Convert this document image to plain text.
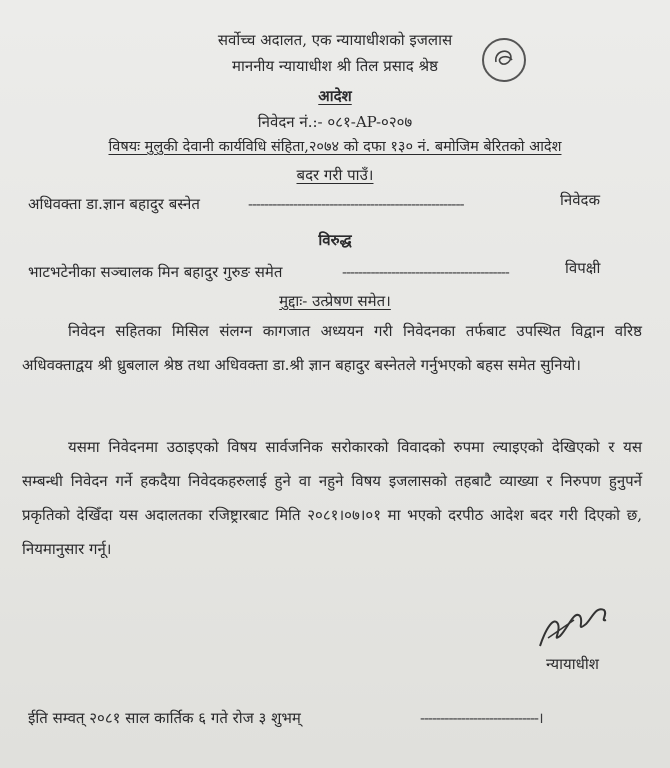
सर्वोच्च अदालत, एक न्यायाधीशको इजलास
माननीय न्यायाधीश श्री तिल प्रसाद श्रेष्ठ
आदेश
निवेदन नं.:- ०८१-AP-०२०७
विषयः मुलुकी देवानी कार्यविधि संहिता,२०७४ को दफा १३० नं. बमोजिम बेरितको आदेश
बदर गरी पाउँ।
अधिवक्ता डा.ज्ञान बहादुर बस्नेत	-----------------------------------------------------	निवेदक
विरुद्ध
भाटभटेनीका सञ्चालक मिन बहादुर गुरुङ समेत	-----------------------------------------	विपक्षी
मुद्दाः- उत्प्रेषण समेत।
निवेदन सहितका मिसिल संलग्न कागजात अध्ययन गरी निवेदनका तर्फबाट उपस्थित विद्वान वरिष्ठ अधिवक्ताद्वय श्री ध्रुबलाल श्रेष्ठ तथा अधिवक्ता डा.श्री ज्ञान बहादुर बस्नेतले गर्नुभएको बहस समेत सुनियो।
यसमा निवेदनमा उठाइएको विषय सार्वजनिक सरोकारको विवादको रुपमा ल्याइएको देखिएको र यस सम्बन्धी निवेदन गर्ने हकदैया निवेदकहरुलाई हुने वा नहुने विषय इजलासको तहबाटै व्याख्या र निरुपण हुनुपर्ने प्रकृतिको देखिँदा यस अदालतका रजिष्ट्रारबाट मिति २०८१।०७।०१ मा भएको दरपीठ आदेश बदर गरी दिएको छ, नियमानुसार गर्नू।
न्यायाधीश
ईति सम्वत् २०८१ साल कार्तिक ६ गते रोज ३ शुभम्	-----------------------------।
